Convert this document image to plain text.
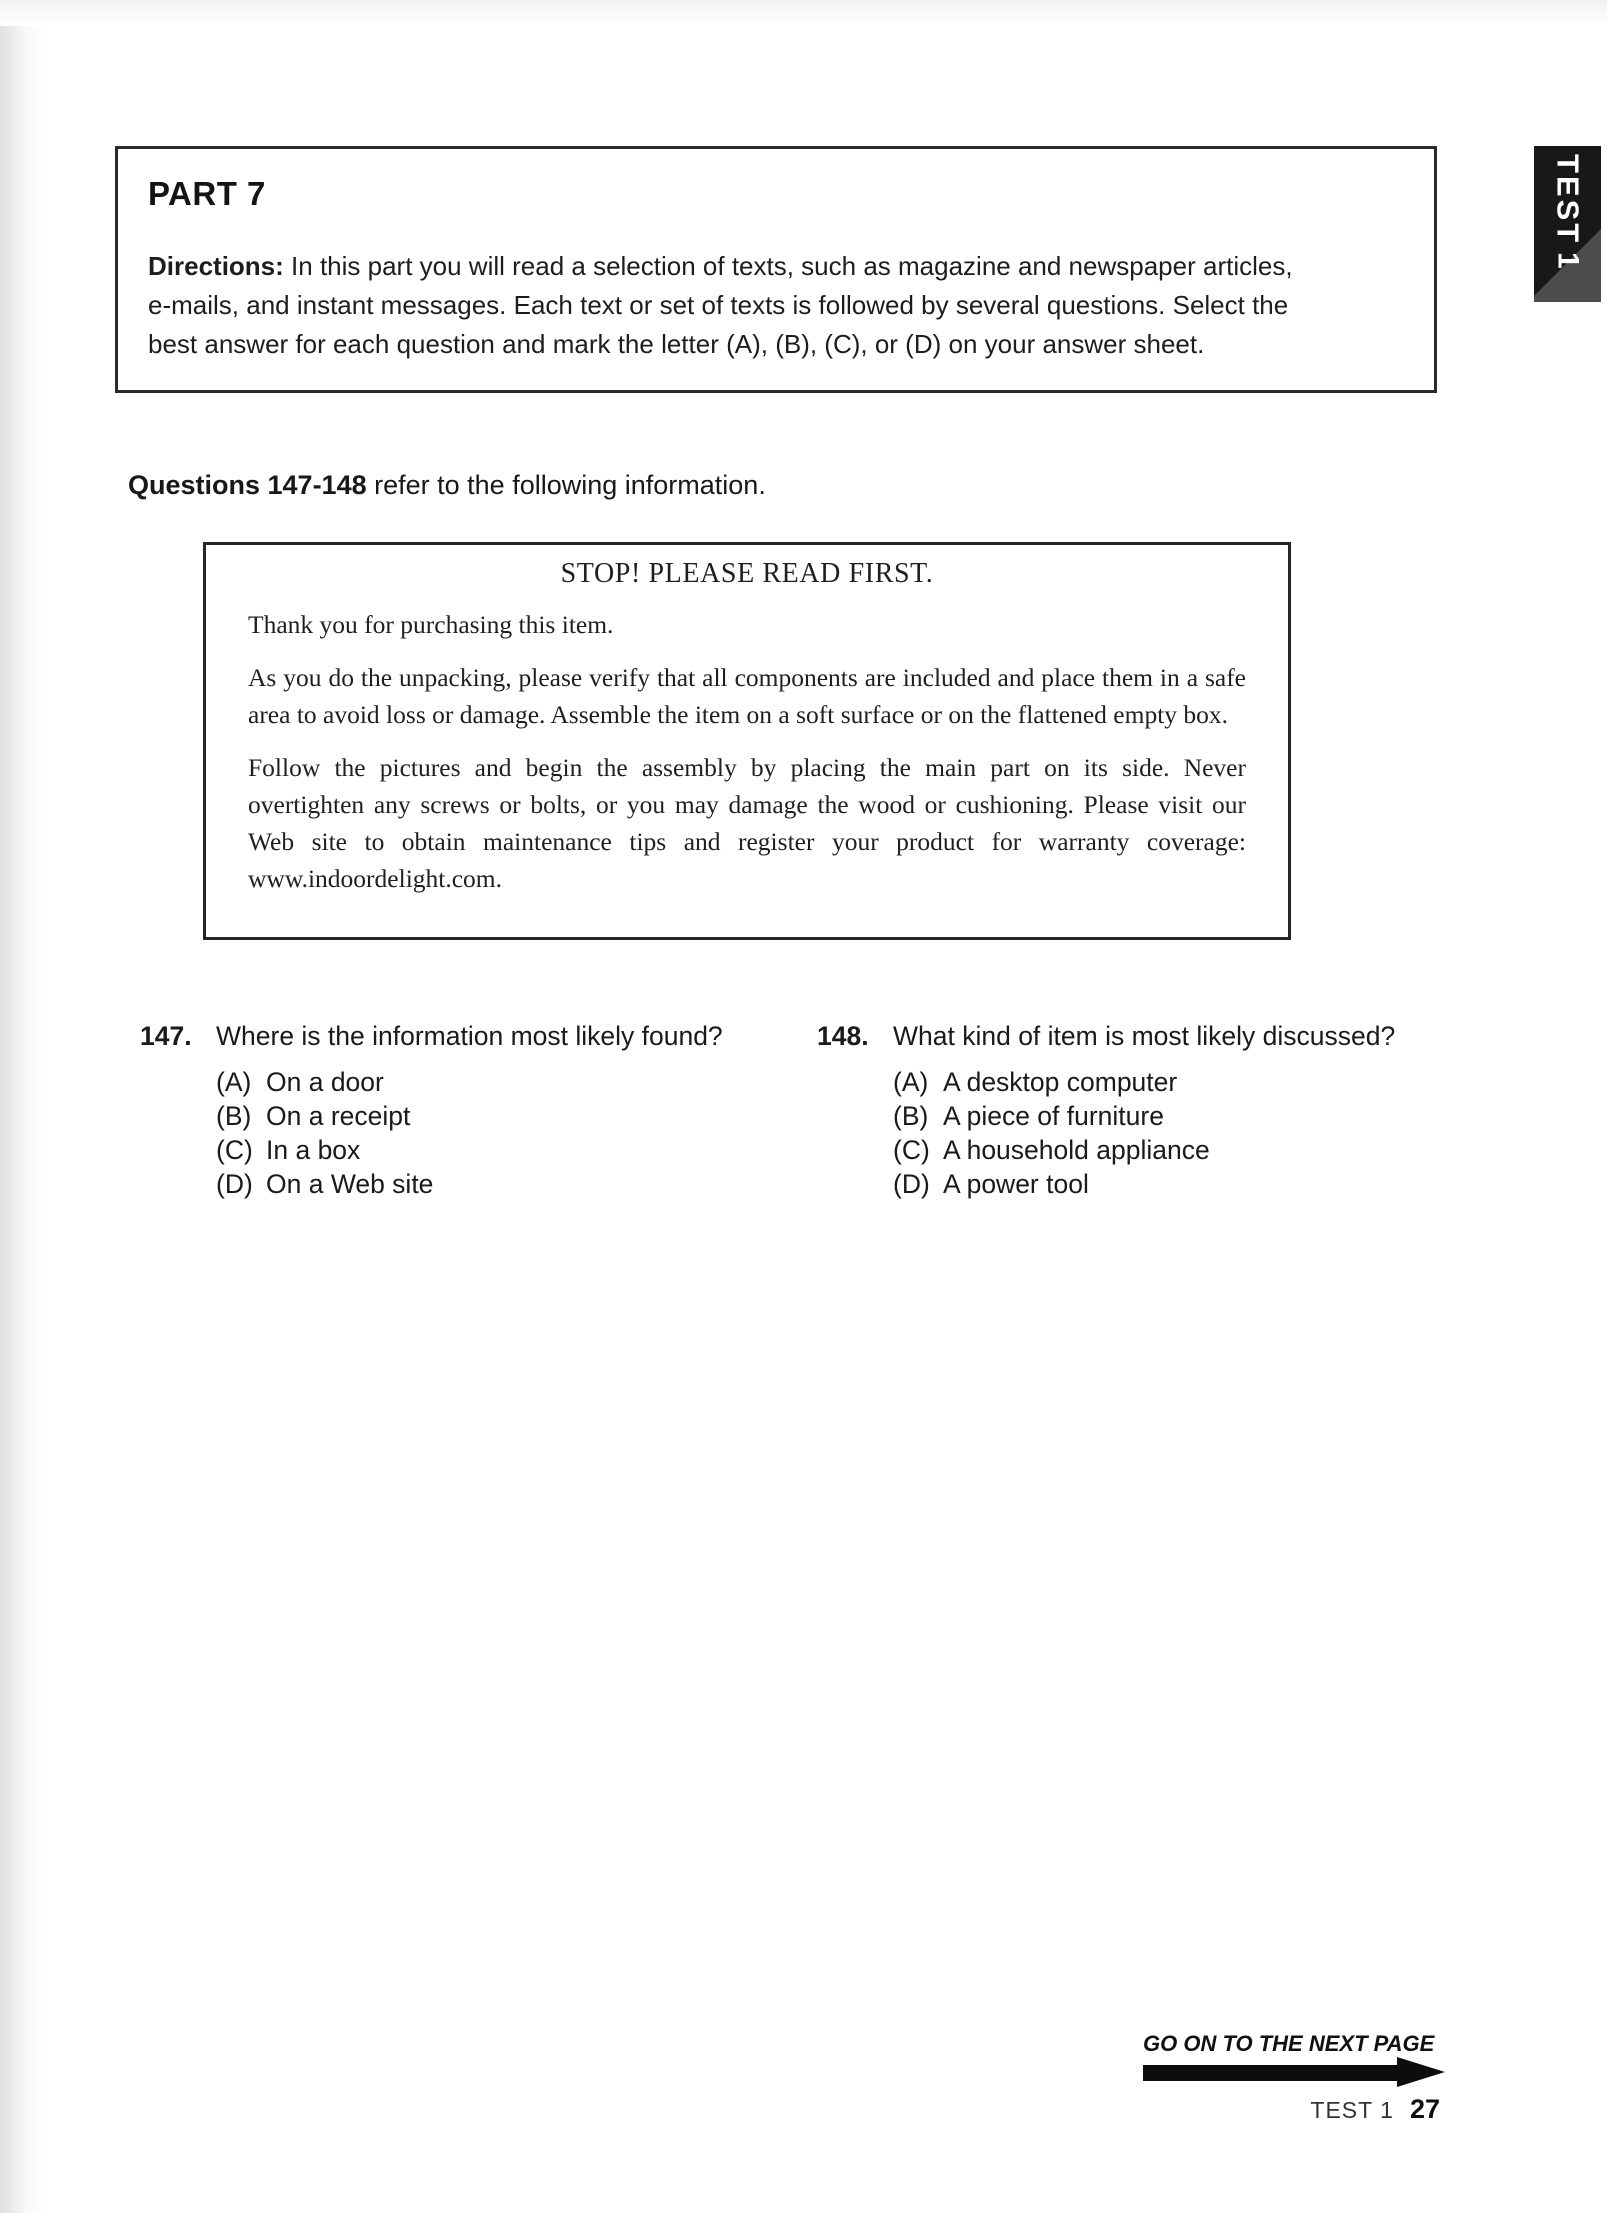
PART 7
Directions: In this part you will read a selection of texts, such as magazine and newspaper articles,
e-mails, and instant messages. Each text or set of texts is followed by several questions. Select the
best answer for each question and mark the letter (A), (B), (C), or (D) on your answer sheet.
TEST
1
Questions 147-148 refer to the following information.
STOP! PLEASE READ FIRST.

Thank you for purchasing this item.

As you do the unpacking, please verify that all components are included and place them in a safe area to avoid loss or damage. Assemble the item on a soft surface or on the flattened empty box.

Follow the pictures and begin the assembly by placing the main part on its side. Never overtighten any screws or bolts, or you may damage the wood or cushioning. Please visit our Web site to obtain maintenance tips and register your product for warranty coverage: www.indoordelight.com.

147. Where is the information most likely found?
(A) On a door
(B) On a receipt
(C) In a box
(D) On a Web site
148. What kind of item is most likely discussed?
(A) A desktop computer
(B) A piece of furniture
(C) A household appliance
(D) A power tool
GO ON TO THE NEXT PAGE
TEST 1 27
